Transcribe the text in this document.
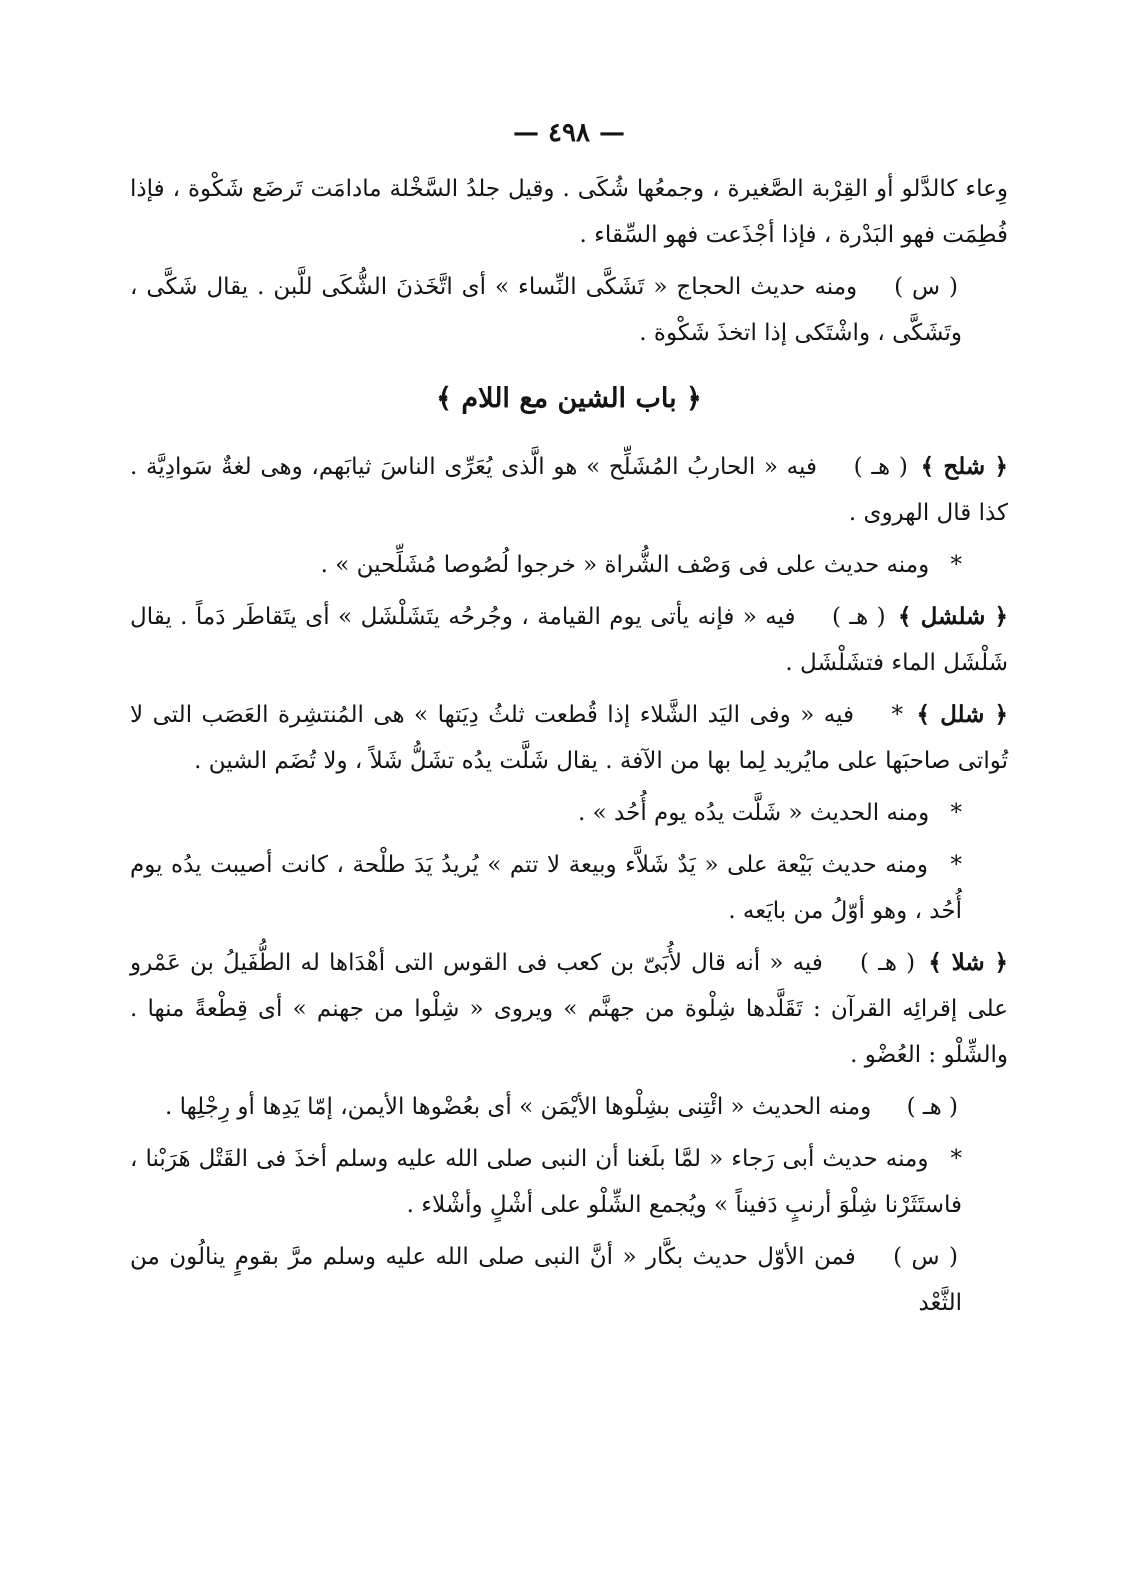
— ٤٩٨ —

وِعاء كالدَّلو أو القِرْبة الصَّغيرة ، وجمعُها شُكَى . وقيل جلدُ السَّخْلة مادامَت تَرضَع شَكْوة ، فإذا فُطِمَت فهو البَدْرة ، فإذا أجْذَعت فهو السِّقاء .

( س ) ومنه حديث الحجاج « تَشَكَّى النِّساء » أى اتَّخَذنَ الشُّكَى للَّبن . يقال شَكَّى ، وتَشَكَّى ، واشْتَكى إذا اتخذَ شَكْوة .

﴿ باب الشين مع اللام ﴾

﴿ شلح ﴾ ( هـ ) فيه « الحاربُ المُشَلِّح » هو الَّذى يُعَرِّى الناسَ ثيابَهم، وهى لغةٌ سَوادِيَّة . كذا قال الهروى .

* ومنه حديث على فى وَصْف الشُّراة « خرجوا لُصُوصا مُشَلِّحين » .

﴿ شلشل ﴾ ( هـ ) فيه « فإنه يأتى يوم القيامة ، وجُرحُه يتَشَلْشَل » أى يتَقاطَر دَماً . يقال شَلْشَل الماء فتشَلْشَل .

﴿ شلل ﴾ * فيه « وفى اليَد الشَّلاء إذا قُطعت ثلثُ دِيَتها » هى المُنتشِرة العَصَب التى لا تُواتى صاحبَها على مايُريد لِما بها من الآفة . يقال شَلَّت يدُه تشَلُّ شَلاً ، ولا تُضَم الشين .

* ومنه الحديث « شَلَّت يدُه يوم أُحُد » .

* ومنه حديث بَيْعة على « يَدٌ شَلاَّء وبيعة لا تتم » يُريدُ يَدَ طلْحة ، كانت أصيبت يدُه يوم أُحُد ، وهو أوّلُ من بايَعه .

﴿ شلا ﴾ ( هـ ) فيه « أنه قال لأُبَىّ بن كعب فى القوس التى أهْدَاها له الطُّفَيلُ بن عَمْرو على إقرائِه القرآن : تَقَلَّدها شِلْوة من جهنَّم » ويروى « شِلْوا من جهنم » أى قِطْعةً منها . والشِّلْو : العُضْو .

( هـ ) ومنه الحديث « ائْتِنى بشِلْوها الأيْمَن » أى بعُضْوها الأيمن، إمّا يَدِها أو رِجْلِها .

* ومنه حديث أبى رَجاء « لمَّا بلَغنا أن النبى صلى الله عليه وسلم أخذَ فى القَتْل هَرَبْنا ، فاستَثَرْنا شِلْوَ أرنبٍ دَفيناً » ويُجمع الشِّلْو على أشْلٍ وأشْلاء .

( س ) فمن الأوّل حديث بكَّار « أنَّ النبى صلى الله عليه وسلم مرَّ بقومٍ ينالُون من الثَّعْد
